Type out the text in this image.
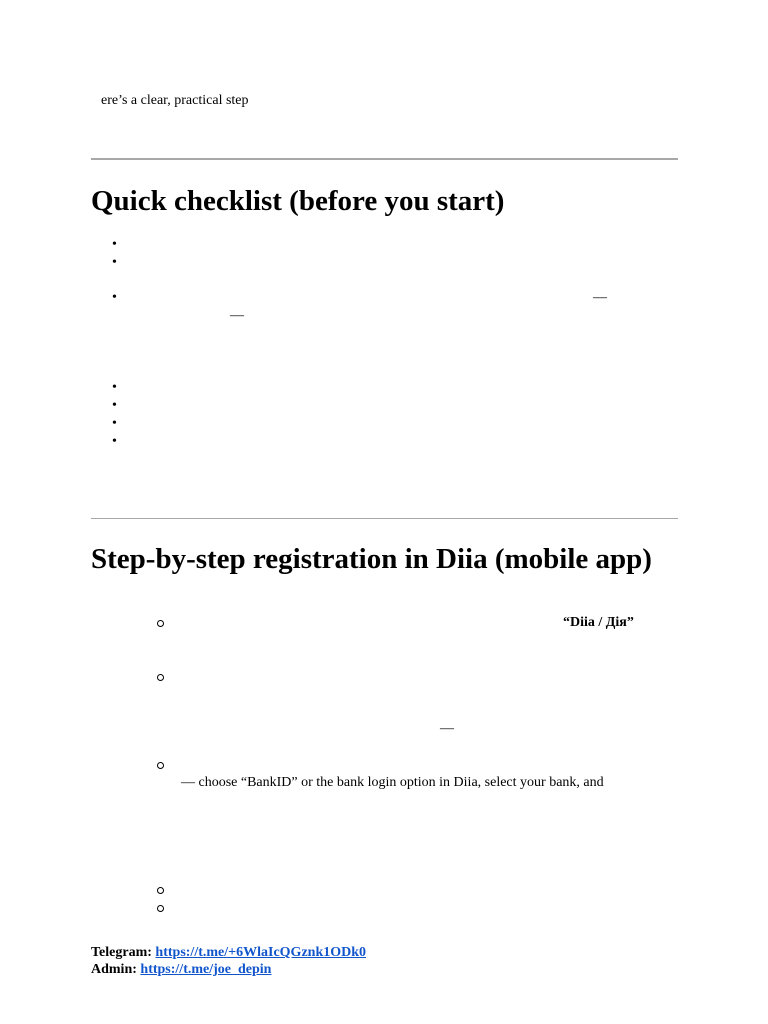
ere’s a clear, practical step
Quick checklist (before you start)
•
•
•	—
—
•
•
•
•
Step-by-step registration in Diia (mobile app)
“Diia / Дія”
—
— choose “BankID” or the bank login option in Diia, select your bank, and
Telegram: https://t.me/+6WlaIcQGznk1ODk0
Admin: https://t.me/joe_depin
